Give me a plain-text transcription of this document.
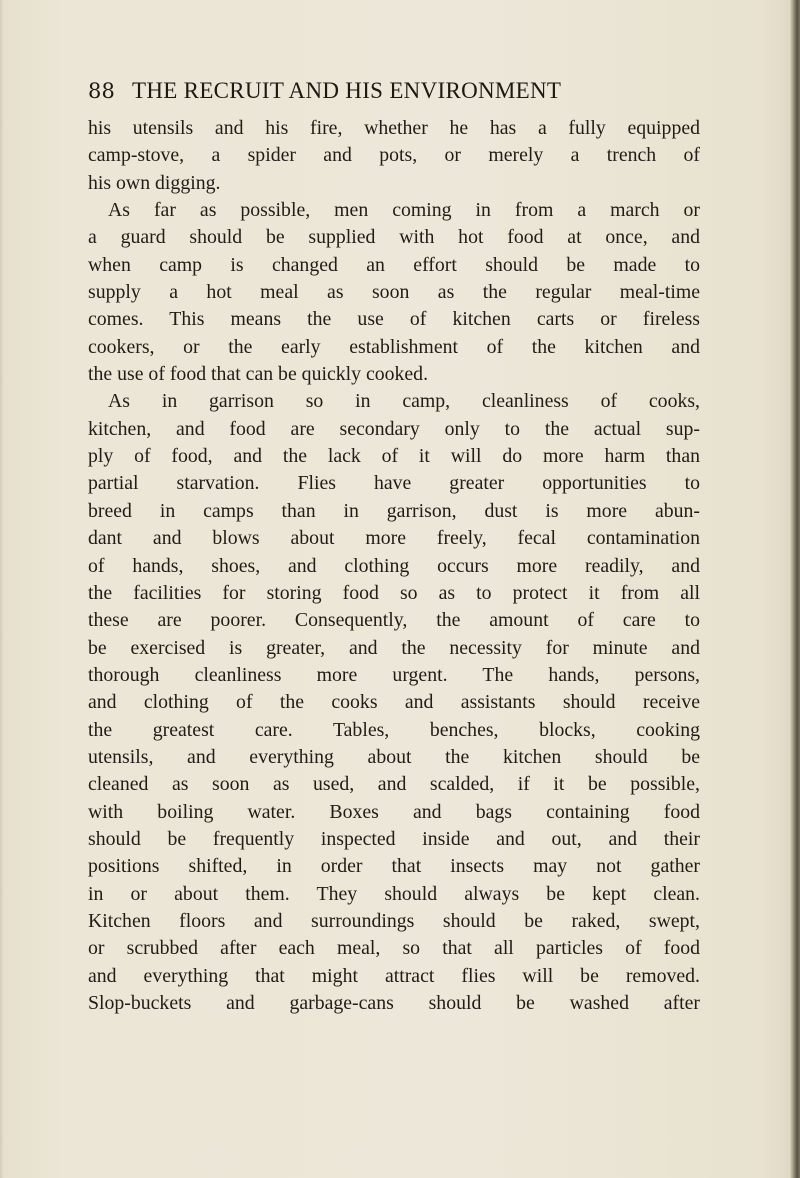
88 THE RECRUIT AND HIS ENVIRONMENT
his utensils and his fire, whether he has a fully equipped
camp-stove, a spider and pots, or merely a trench of
his own digging.
As far as possible, men coming in from a march or
a guard should be supplied with hot food at once, and
when camp is changed an effort should be made to
supply a hot meal as soon as the regular meal-time
comes. This means the use of kitchen carts or fireless
cookers, or the early establishment of the kitchen and
the use of food that can be quickly cooked.
As in garrison so in camp, cleanliness of cooks,
kitchen, and food are secondary only to the actual sup-
ply of food, and the lack of it will do more harm than
partial starvation. Flies have greater opportunities to
breed in camps than in garrison, dust is more abun-
dant and blows about more freely, fecal contamination
of hands, shoes, and clothing occurs more readily, and
the facilities for storing food so as to protect it from all
these are poorer. Consequently, the amount of care to
be exercised is greater, and the necessity for minute and
thorough cleanliness more urgent. The hands, persons,
and clothing of the cooks and assistants should receive
the greatest care. Tables, benches, blocks, cooking
utensils, and everything about the kitchen should be
cleaned as soon as used, and scalded, if it be possible,
with boiling water. Boxes and bags containing food
should be frequently inspected inside and out, and their
positions shifted, in order that insects may not gather
in or about them. They should always be kept clean.
Kitchen floors and surroundings should be raked, swept,
or scrubbed after each meal, so that all particles of food
and everything that might attract flies will be removed.
Slop-buckets and garbage-cans should be washed after
